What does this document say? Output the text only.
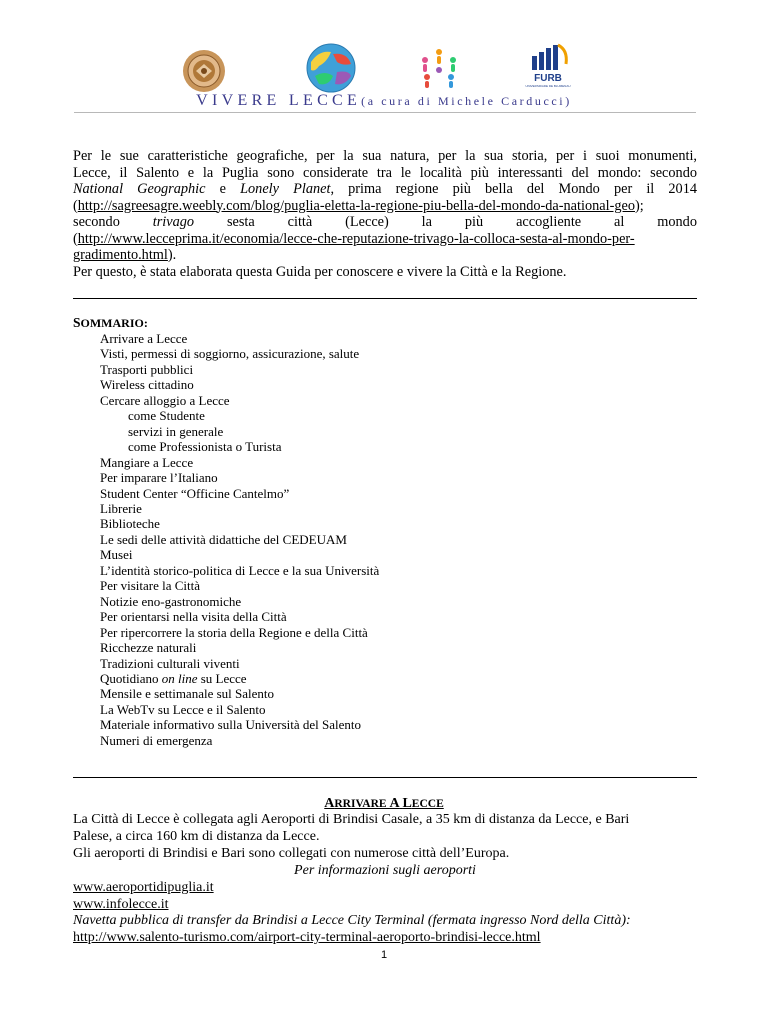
FURB
UNIVERSIDADE DE BLUMENAU
VIVERE LECCE(a cura di Michele Carducci)

Per le sue caratteristiche geografiche, per la sua natura, per la sua storia, per i suoi monumenti,

Lecce, il Salento e la Puglia sono considerate tra le località più interessanti del mondo: secondo

National Geographic e Lonely Planet, prima regione più bella del Mondo per il 2014

(http://sagreesagre.weebly.com/blog/puglia-eletta-la-regione-piu-bella-del-mondo-da-national-geo);

secondo trivago sesta città (Lecce) la più accogliente al mondo

(http://www.lecceprima.it/economia/lecce-che-reputazione-trivago-la-colloca-sesta-al-mondo-per-

gradimento.html).

Per questo, è stata elaborata questa Guida per conoscere e vivere la Città e la Regione.

SOMMARIO:
Arrivare a Lecce
Visti, permessi di soggiorno, assicurazione, salute
Trasporti pubblici
Wireless cittadino
Cercare alloggio a Lecce
come Studente
servizi in generale
come Professionista o Turista
Mangiare a Lecce
Per imparare l’Italiano
Student Center “Officine Cantelmo”
Librerie
Biblioteche
Le sedi delle attività didattiche del CEDEUAM
Musei
L’identità storico-politica di Lecce e la sua Università
Per visitare la Città
Notizie eno-gastronomiche
Per orientarsi nella visita della Città
Per ripercorrere la storia della Regione e della Città
Ricchezze naturali
Tradizioni culturali viventi
Quotidiano on line su Lecce
Mensile e settimanale sul Salento
La WebTv su Lecce e il Salento
Materiale informativo sulla Università del Salento
Numeri di emergenza
ARRIVARE A LECCE

La Città di Lecce è collegata agli Aeroporti di Brindisi Casale, a 35 km di distanza da Lecce, e Bari

Palese, a circa 160 km di distanza da Lecce.

Gli aeroporti di Brindisi e Bari sono collegati con numerose città dell’Europa.

Per informazioni sugli aeroporti

www.aeroportidipuglia.it

www.infolecce.it

Navetta pubblica di transfer da Brindisi a Lecce City Terminal (fermata ingresso Nord della Città):

http://www.salento-turismo.com/airport-city-terminal-aeroporto-brindisi-lecce.html

1
